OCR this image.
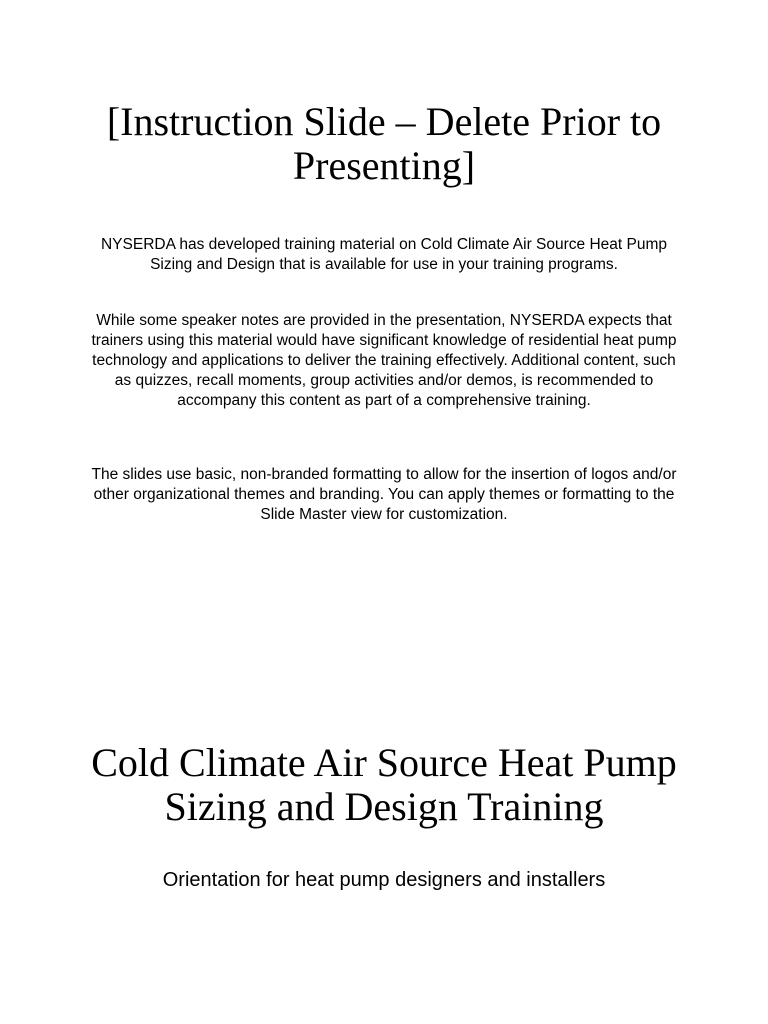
[Instruction Slide – Delete Prior to Presenting]

NYSERDA has developed training material on Cold Climate Air Source Heat Pump Sizing and Design that is available for use in your training programs.

While some speaker notes are provided in the presentation, NYSERDA expects that trainers using this material would have significant knowledge of residential heat pump technology and applications to deliver the training effectively. Additional content, such as quizzes, recall moments, group activities and/or demos, is recommended to accompany this content as part of a comprehensive training.

The slides use basic, non-branded formatting to allow for the insertion of logos and/or other organizational themes and branding. You can apply themes or formatting to the Slide Master view for customization.

Cold Climate Air Source Heat Pump Sizing and Design Training

Orientation for heat pump designers and installers
